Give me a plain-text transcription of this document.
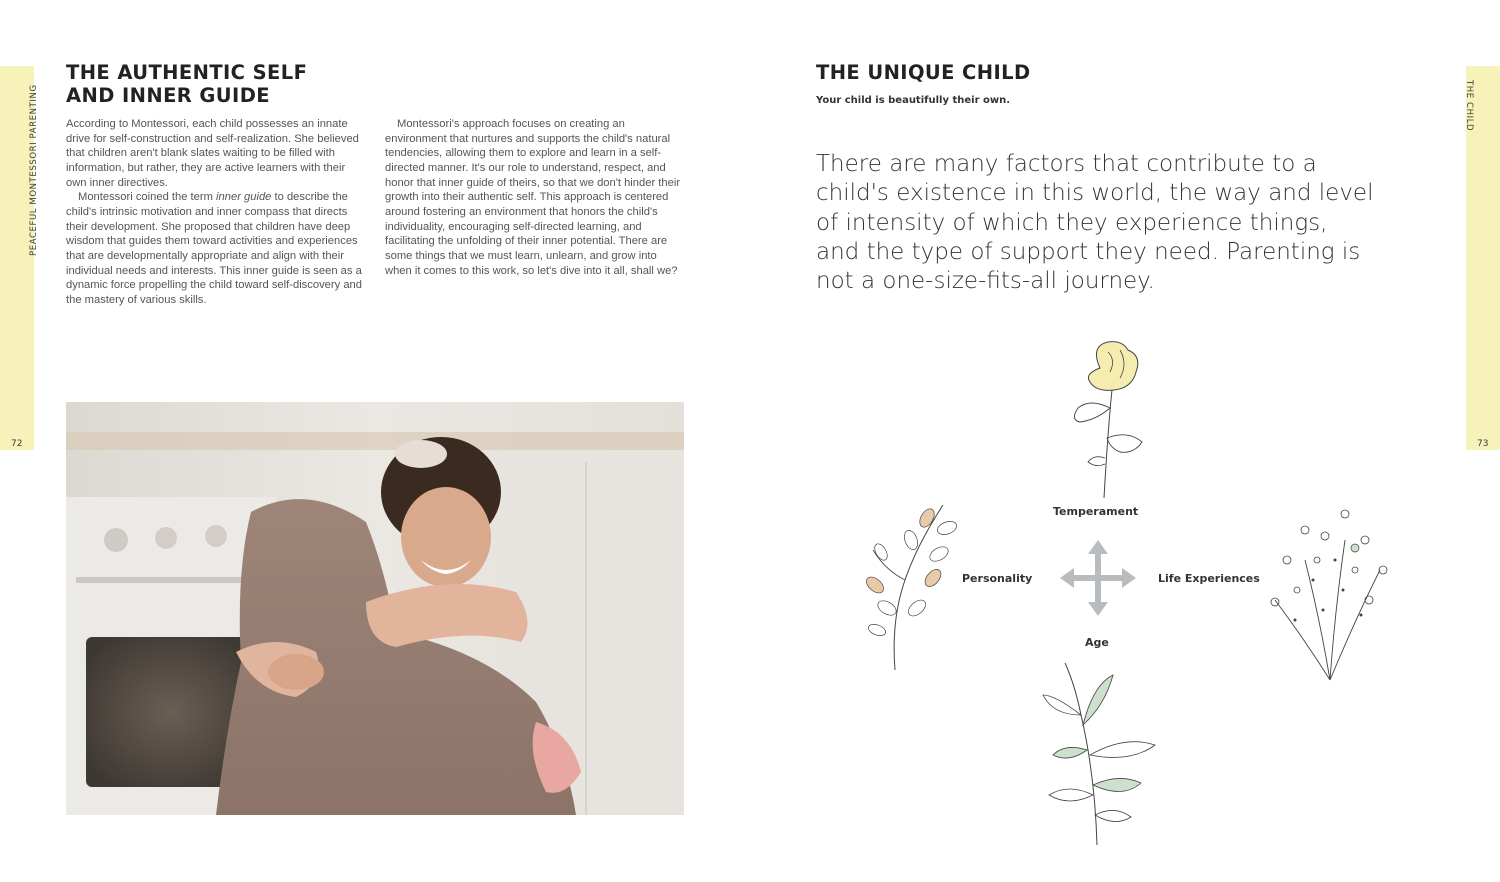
PEACEFUL MONTESSORI PARENTING
72
THE AUTHENTIC SELF
AND INNER GUIDE

According to Montessori, each child possesses an innate drive for self-construction and self-realization. She believed that children aren't blank slates waiting to be filled with information, but rather, they are active learners with their own inner directives.

Montessori coined the term inner guide to describe the child's intrinsic motivation and inner compass that directs their development. She proposed that children have deep wisdom that guides them toward activities and experiences that are developmentally appropriate and align with their individual needs and interests. This inner guide is seen as a dynamic force propelling the child toward self-discovery and the mastery of various skills.

Montessori's approach focuses on creating an environment that nurtures and supports the child's natural tendencies, allowing them to explore and learn in a self-directed manner. It's our role to understand, respect, and honor that inner guide of theirs, so that we don't hinder their growth into their authentic self. This approach is centered around fostering an environment that honors the child's individuality, encouraging self-directed learning, and facilitating the unfolding of their inner potential. There are some things that we must learn, unlearn, and grow into when it comes to this work, so let's dive into it all, shall we?

THE CHILD
73
THE UNIQUE CHILD
Your child is beautifully their own.
There are many factors that contribute to a child's existence in this world, the way and level of intensity of which they experience things, and the type of support they need. Parenting is not a one-size-fits-all journey.
Temperament
Personality	Life Experiences
Age
